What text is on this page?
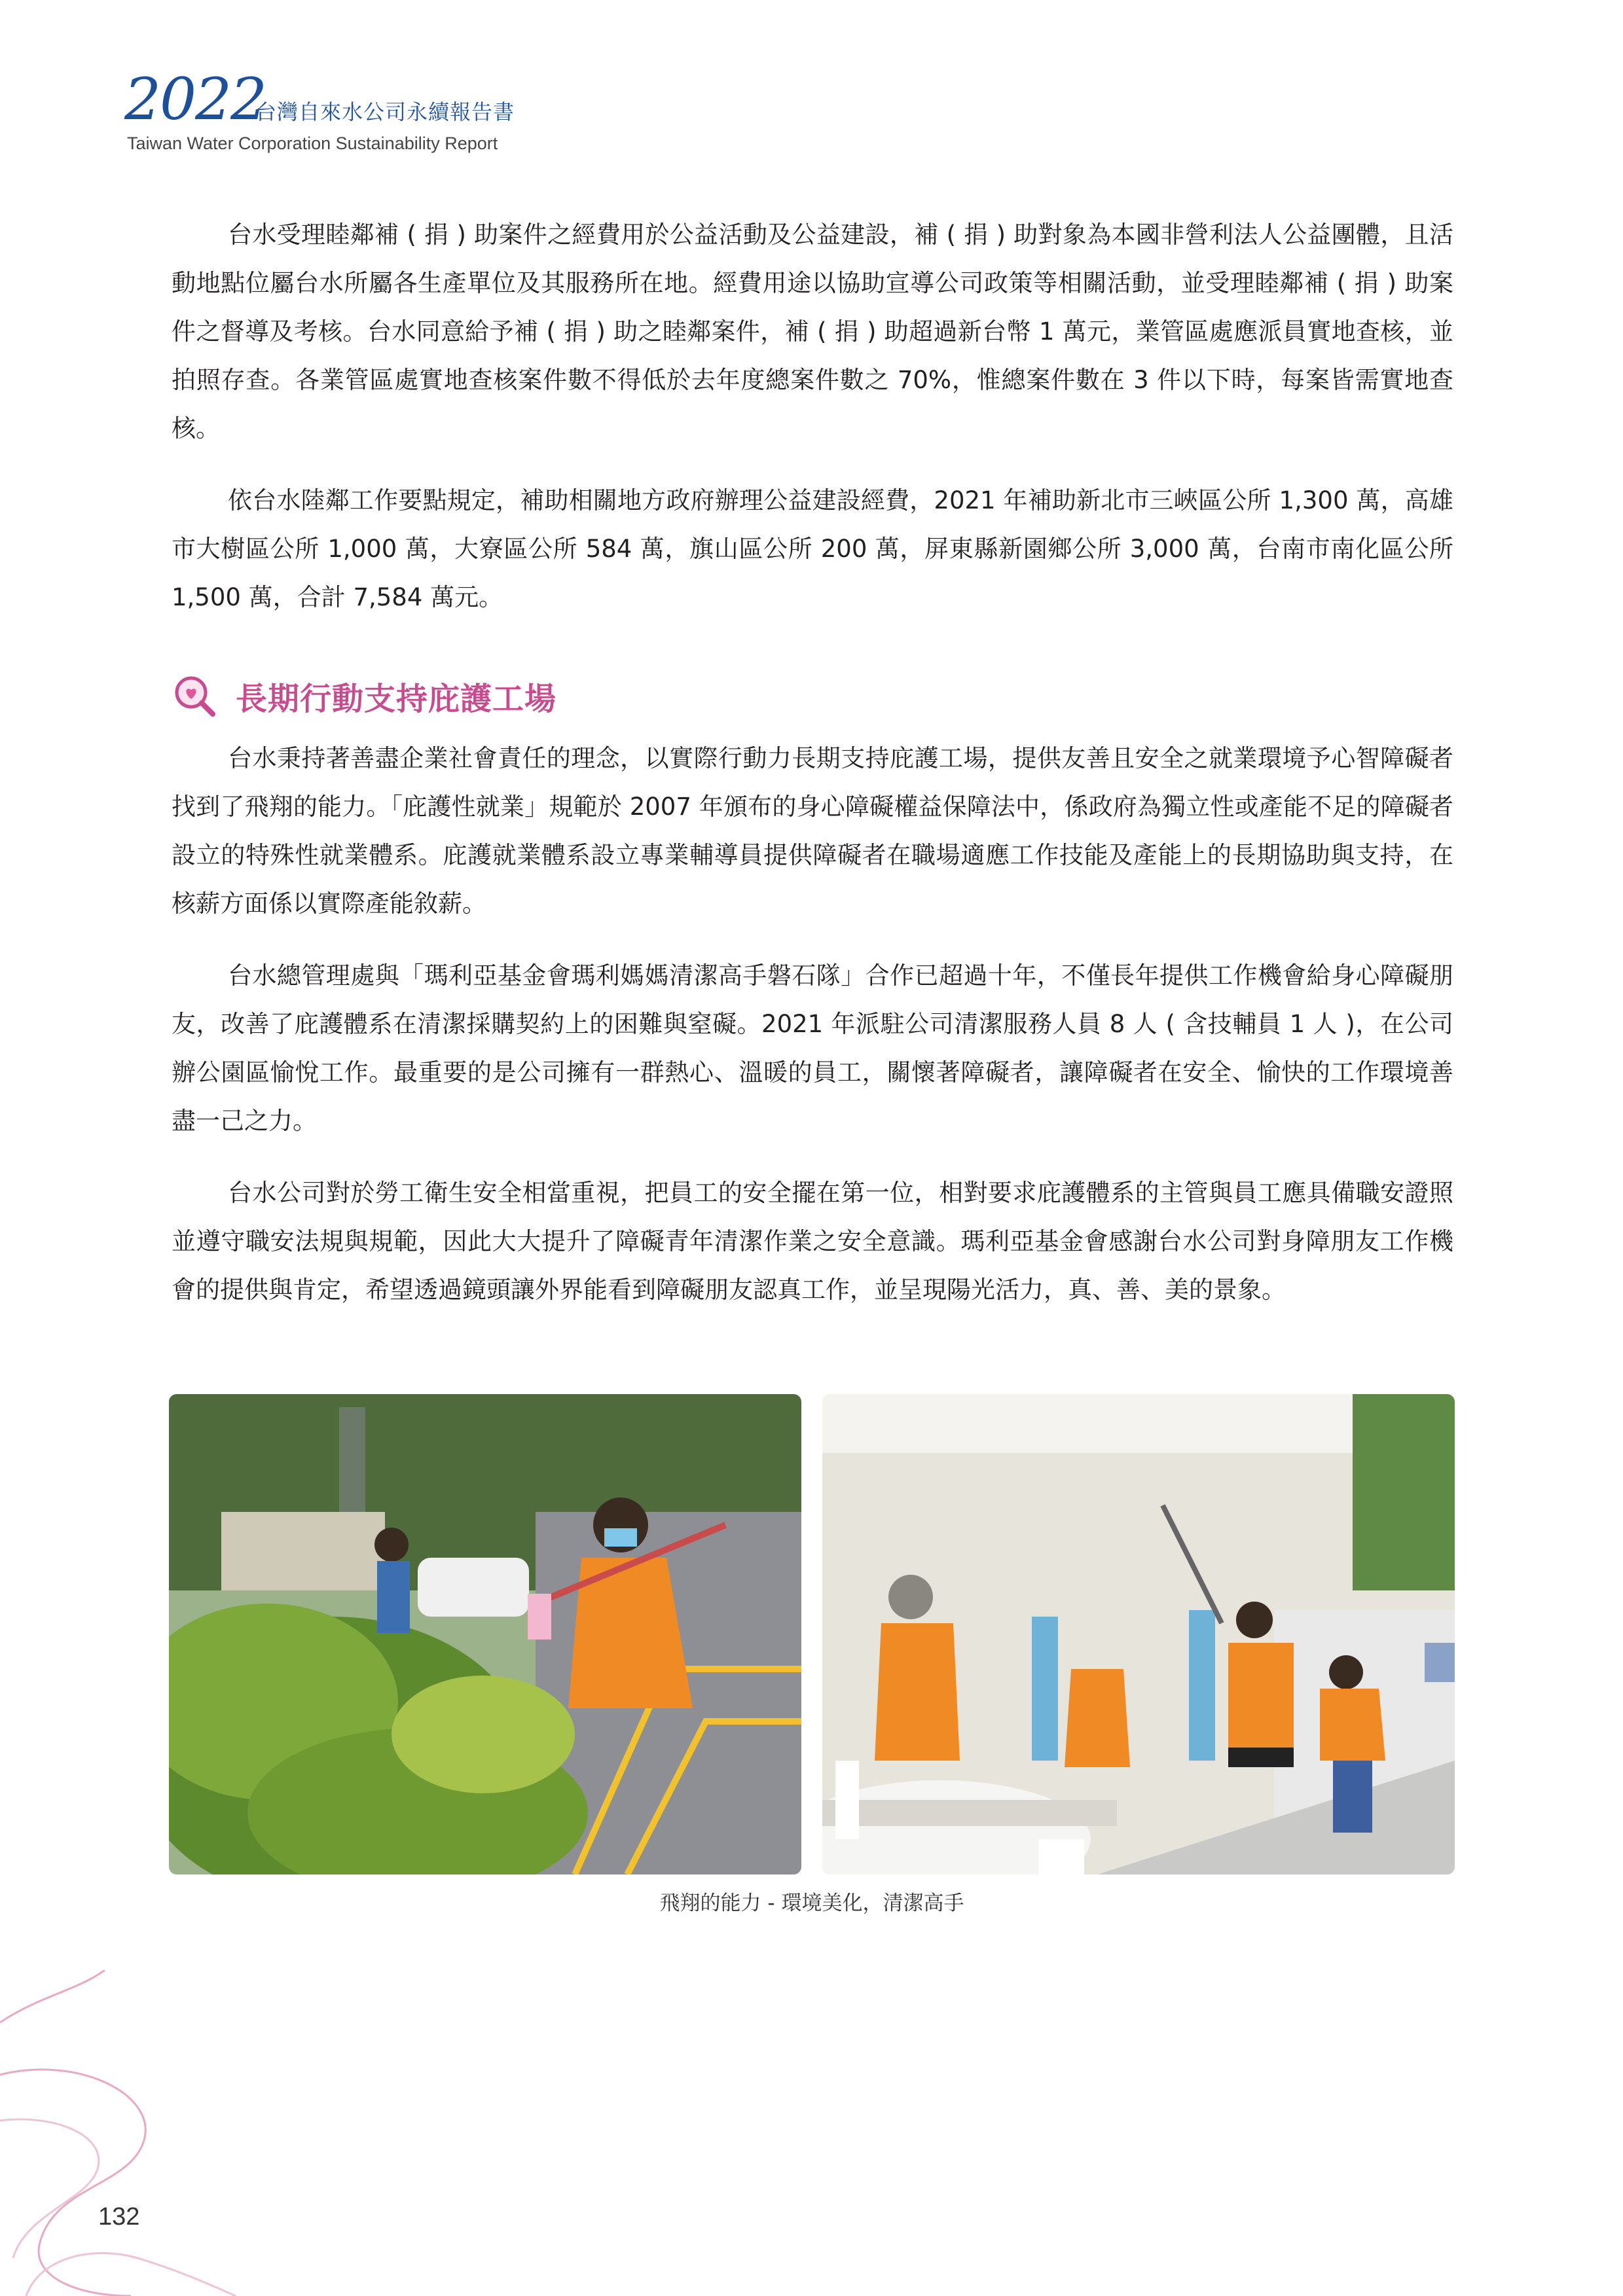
2022
台灣自來水公司永續報告書
Taiwan Water Corporation Sustainability Report

台水受理睦鄰補 ( 捐 ) 助案件之經費用於公益活動及公益建設，補 ( 捐 ) 助對象為本國非營利法人公益團體，且活動地點位屬台水所屬各生產單位及其服務所在地。經費用途以協助宣導公司政策等相關活動，並受理睦鄰補 ( 捐 ) 助案件之督導及考核。台水同意給予補 ( 捐 ) 助之睦鄰案件，補 ( 捐 ) 助超過新台幣 1 萬元，業管區處應派員實地查核，並拍照存查。各業管區處實地查核案件數不得低於去年度總案件數之 70%，惟總案件數在 3 件以下時，每案皆需實地查核。

依台水陸鄰工作要點規定，補助相關地方政府辦理公益建設經費，2021 年補助新北市三峽區公所 1,300 萬，高雄市大樹區公所 1,000 萬，大寮區公所 584 萬，旗山區公所 200 萬，屏東縣新園鄉公所 3,000 萬，台南市南化區公所 1,500 萬，合計 7,584 萬元。

長期行動支持庇護工場

台水秉持著善盡企業社會責任的理念，以實際行動力長期支持庇護工場，提供友善且安全之就業環境予心智障礙者找到了飛翔的能力。「庇護性就業」規範於 2007 年頒布的身心障礙權益保障法中，係政府為獨立性或產能不足的障礙者設立的特殊性就業體系。庇護就業體系設立專業輔導員提供障礙者在職場適應工作技能及產能上的長期協助與支持，在核薪方面係以實際產能敘薪。

台水總管理處與「瑪利亞基金會瑪利媽媽清潔高手磐石隊」合作已超過十年，不僅長年提供工作機會給身心障礙朋友，改善了庇護體系在清潔採購契約上的困難與窒礙。2021 年派駐公司清潔服務人員 8 人 ( 含技輔員 1 人 )，在公司辦公園區愉悅工作。最重要的是公司擁有一群熱心、溫暖的員工，關懷著障礙者，讓障礙者在安全、愉快的工作環境善盡一己之力。

台水公司對於勞工衛生安全相當重視，把員工的安全擺在第一位，相對要求庇護體系的主管與員工應具備職安證照並遵守職安法規與規範，因此大大提升了障礙青年清潔作業之安全意識。瑪利亞基金會感謝台水公司對身障朋友工作機會的提供與肯定，希望透過鏡頭讓外界能看到障礙朋友認真工作，並呈現陽光活力，真、善、美的景象。

飛翔的能力 - 環境美化，清潔高手
132
